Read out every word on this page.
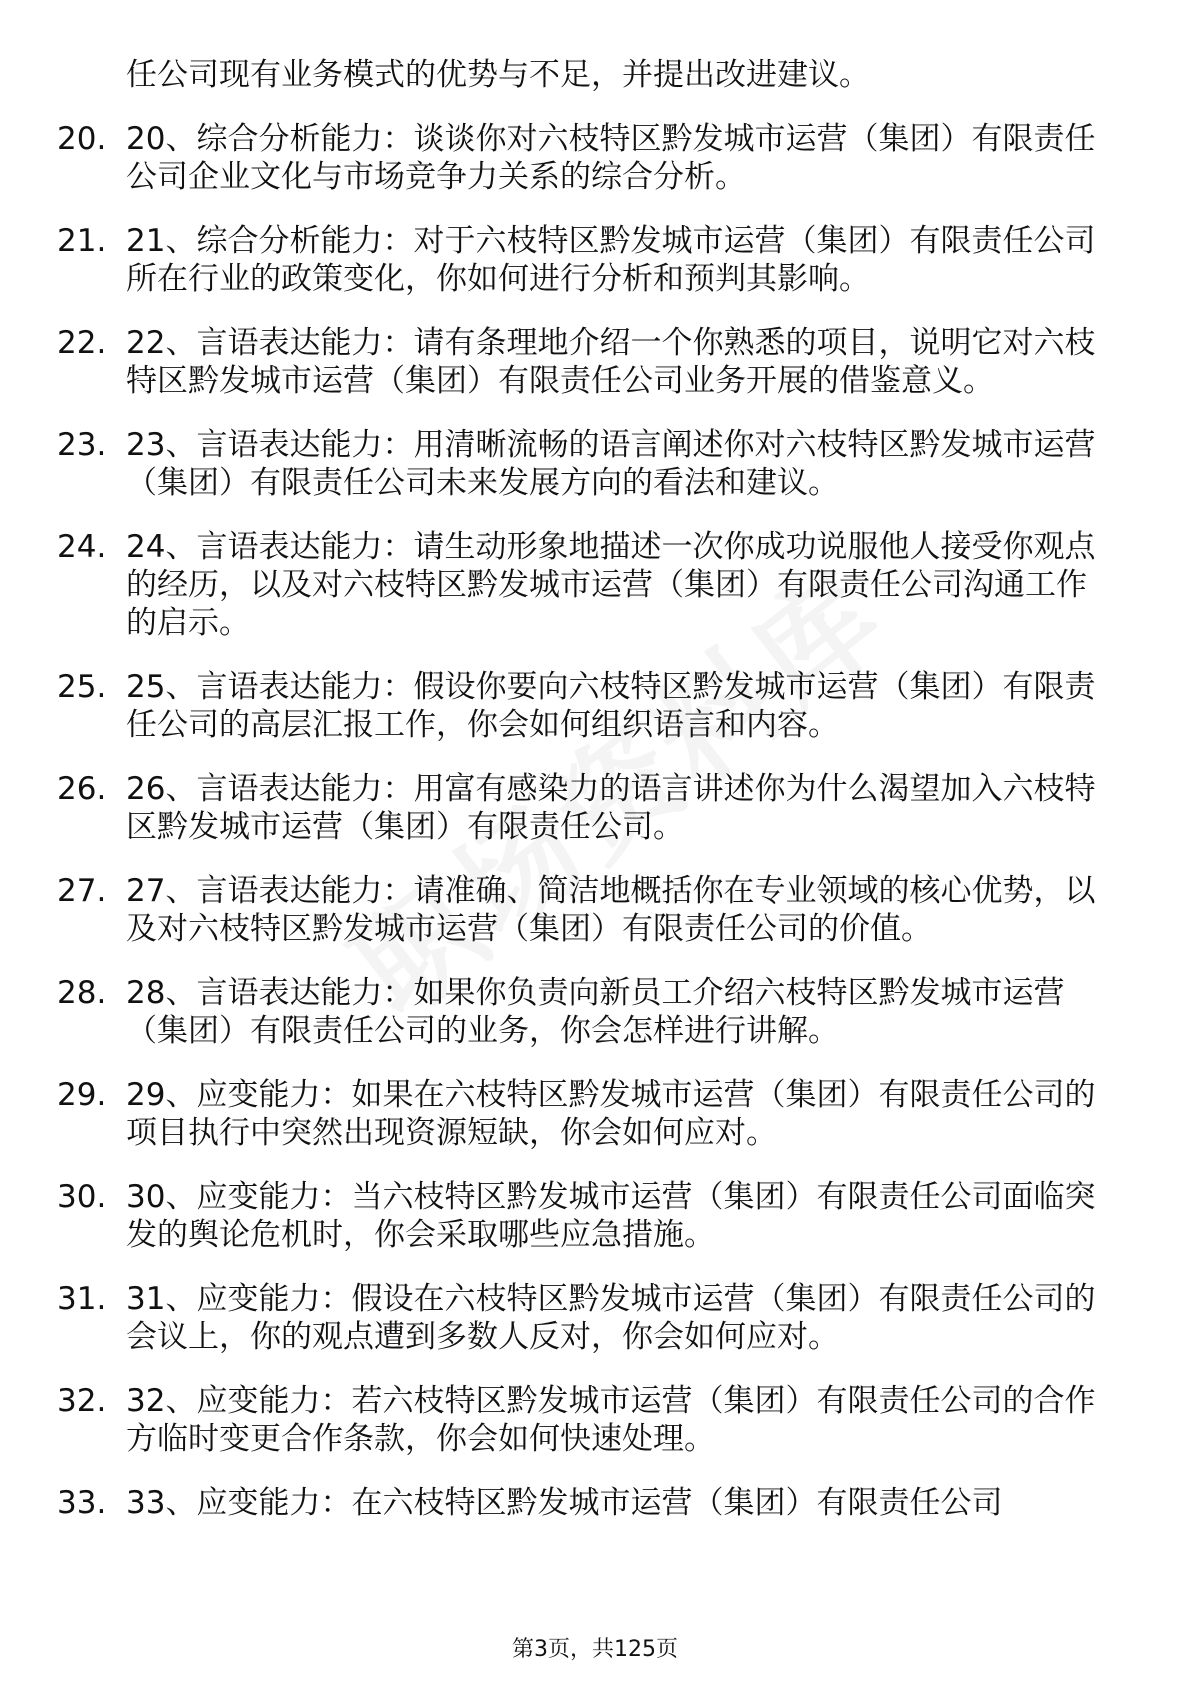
任公司现有业务模式的优势与不足，并提出改进建议。
20. 20、综合分析能力：谈谈你对六枝特区黔发城市运营（集团）有限责任公司企业文化与市场竞争力关系的综合分析。
21. 21、综合分析能力：对于六枝特区黔发城市运营（集团）有限责任公司所在行业的政策变化，你如何进行分析和预判其影响。
22. 22、言语表达能力：请有条理地介绍一个你熟悉的项目，说明它对六枝特区黔发城市运营（集团）有限责任公司业务开展的借鉴意义。
23. 23、言语表达能力：用清晰流畅的语言阐述你对六枝特区黔发城市运营（集团）有限责任公司未来发展方向的看法和建议。
24. 24、言语表达能力：请生动形象地描述一次你成功说服他人接受你观点的经历，以及对六枝特区黔发城市运营（集团）有限责任公司沟通工作的启示。
25. 25、言语表达能力：假设你要向六枝特区黔发城市运营（集团）有限责任公司的高层汇报工作，你会如何组织语言和内容。
26. 26、言语表达能力：用富有感染力的语言讲述你为什么渴望加入六枝特区黔发城市运营（集团）有限责任公司。
27. 27、言语表达能力：请准确、简洁地概括你在专业领域的核心优势，以及对六枝特区黔发城市运营（集团）有限责任公司的价值。
28. 28、言语表达能力：如果你负责向新员工介绍六枝特区黔发城市运营（集团）有限责任公司的业务，你会怎样进行讲解。
29. 29、应变能力：如果在六枝特区黔发城市运营（集团）有限责任公司的项目执行中突然出现资源短缺，你会如何应对。
30. 30、应变能力：当六枝特区黔发城市运营（集团）有限责任公司面临突发的舆论危机时，你会采取哪些应急措施。
31. 31、应变能力：假设在六枝特区黔发城市运营（集团）有限责任公司的会议上，你的观点遭到多数人反对，你会如何应对。
32. 32、应变能力：若六枝特区黔发城市运营（集团）有限责任公司的合作方临时变更合作条款，你会如何快速处理。
33. 33、应变能力：在六枝特区黔发城市运营（集团）有限责任公司
第3页，共125页
